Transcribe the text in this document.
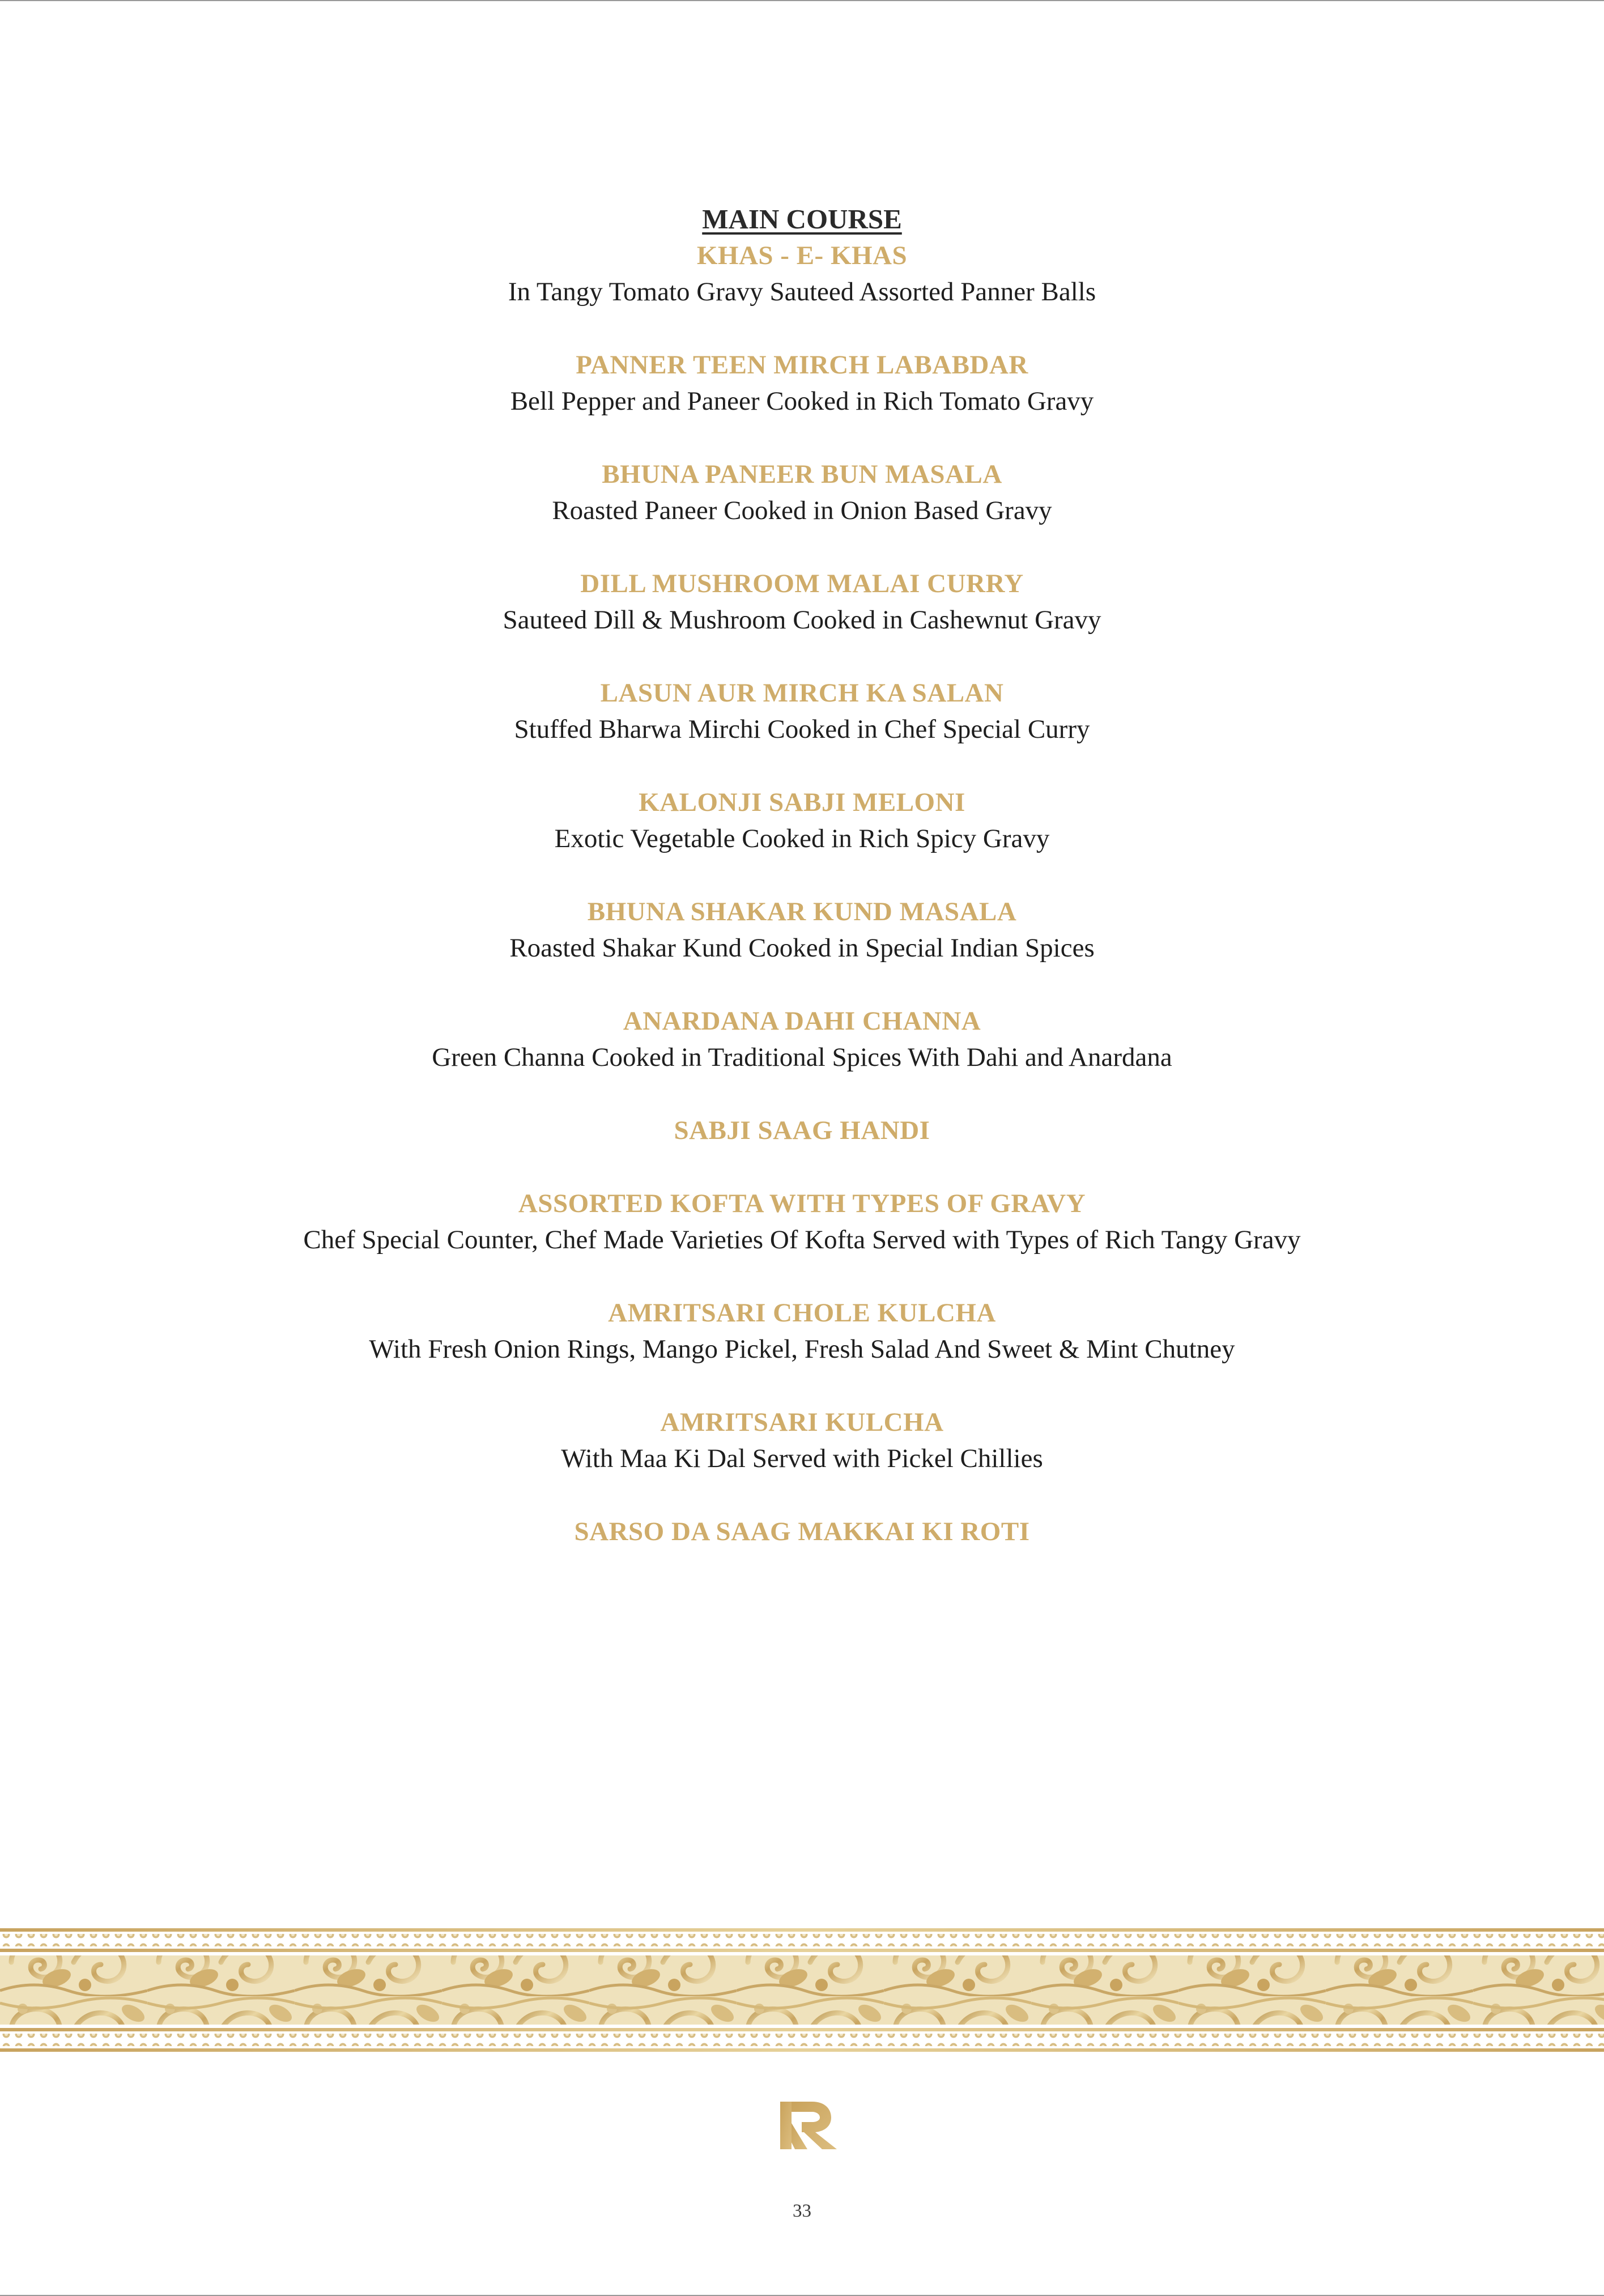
MAIN COURSE
KHAS - E- KHAS
In Tangy Tomato Gravy Sauteed Assorted Panner Balls
PANNER TEEN MIRCH LABABDAR
Bell Pepper and Paneer Cooked in Rich Tomato Gravy
BHUNA PANEER BUN MASALA
Roasted Paneer Cooked in Onion Based Gravy
DILL MUSHROOM MALAI CURRY
Sauteed Dill & Mushroom Cooked in Cashewnut Gravy
LASUN AUR MIRCH KA SALAN
Stuffed Bharwa Mirchi Cooked in Chef Special Curry
KALONJI SABJI MELONI
Exotic Vegetable Cooked in Rich Spicy Gravy
BHUNA SHAKAR KUND MASALA
Roasted Shakar Kund Cooked in Special Indian Spices
ANARDANA DAHI CHANNA
Green Channa Cooked in Traditional Spices With Dahi and Anardana
SABJI SAAG HANDI
ASSORTED KOFTA WITH TYPES OF GRAVY
Chef Special Counter, Chef Made Varieties Of Kofta Served with Types of Rich Tangy Gravy
AMRITSARI CHOLE KULCHA
With Fresh Onion Rings, Mango Pickel, Fresh Salad And Sweet & Mint Chutney
AMRITSARI KULCHA
With Maa Ki Dal Served with Pickel Chillies
SARSO DA SAAG MAKKAI KI ROTI
33
